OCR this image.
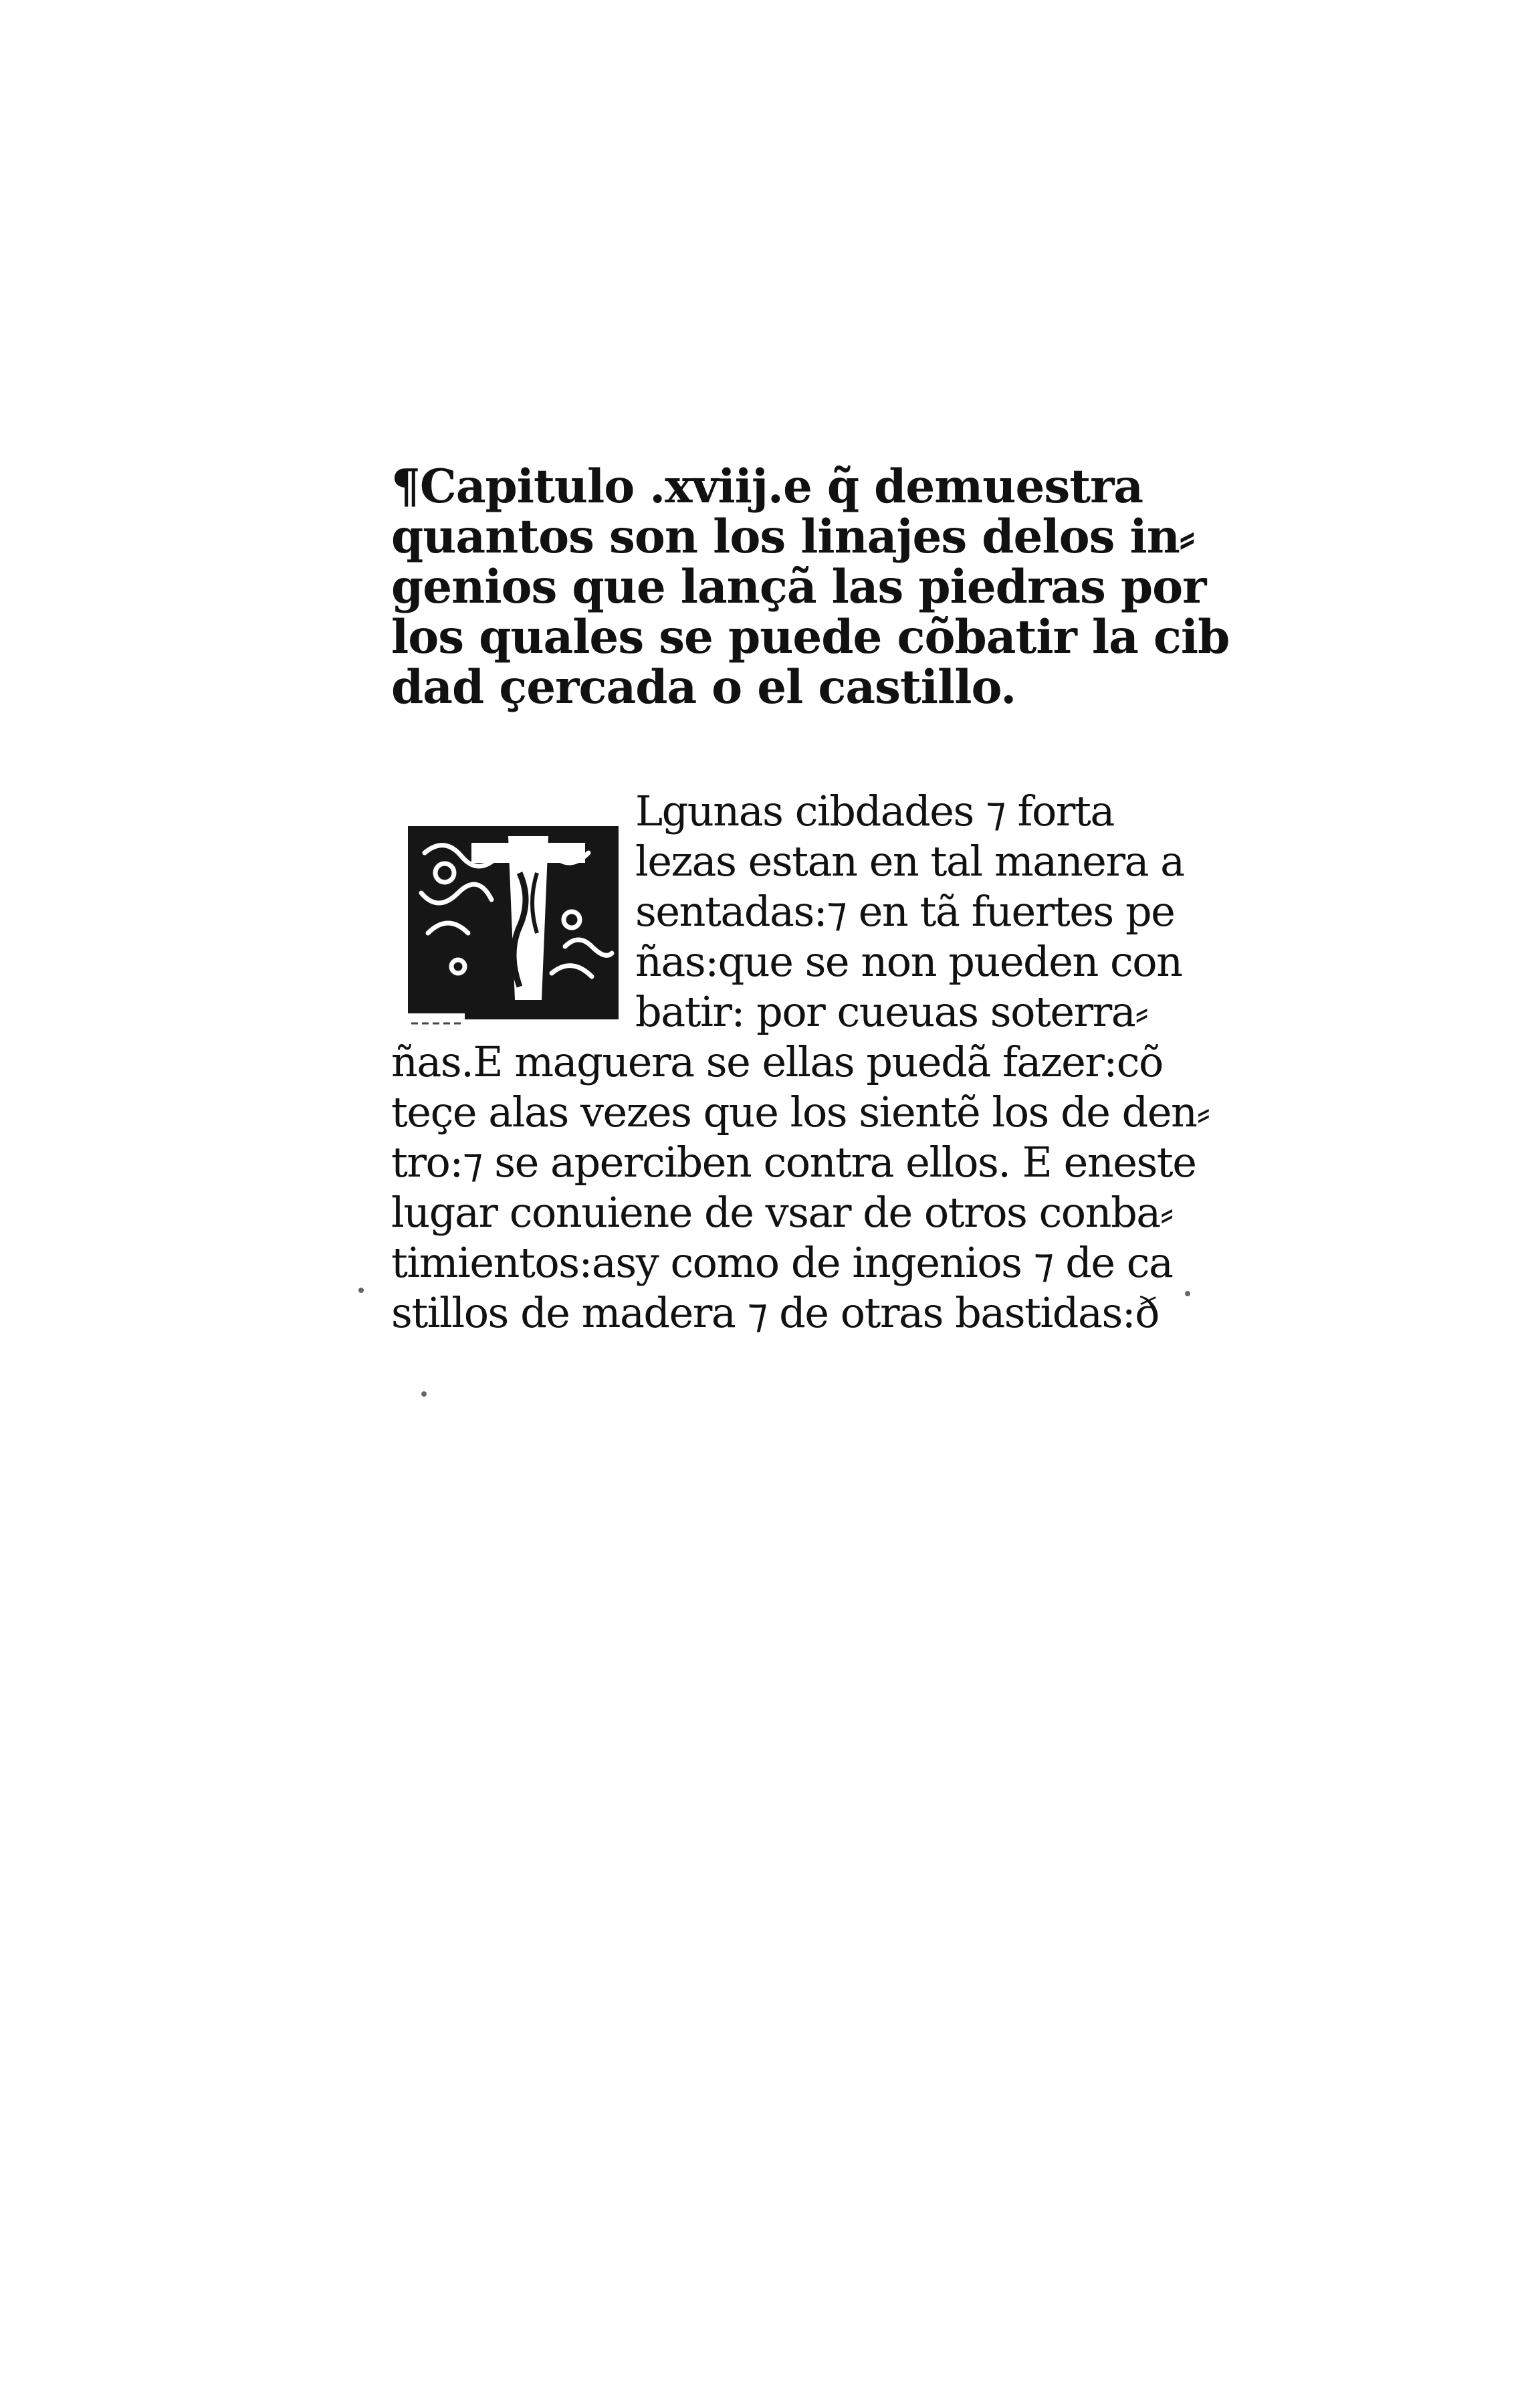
¶Capitulo .xviij.e q̃ demuestra
quantos son los linajes delos in⸗
genios que lançã las piedras por
los quales se puede cõbatir la cib
dad çercada o el castillo.
Lgunas cibdades ⁊ forta
lezas estan en tal manera a
sentadas:⁊ en tã fuertes pe
ñas:que se non pueden con
batir: por cueuas soterra⸗
ñas.E maguera se ellas puedã fazer:cõ
teçe alas vezes que los sientẽ los de den⸗
tro:⁊ se aperciben contra ellos. E eneste
lugar conuiene de vsar de otros conba⸗
timientos:asy como de ingenios ⁊ de ca
stillos de madera ⁊ de otras bastidas:ð
